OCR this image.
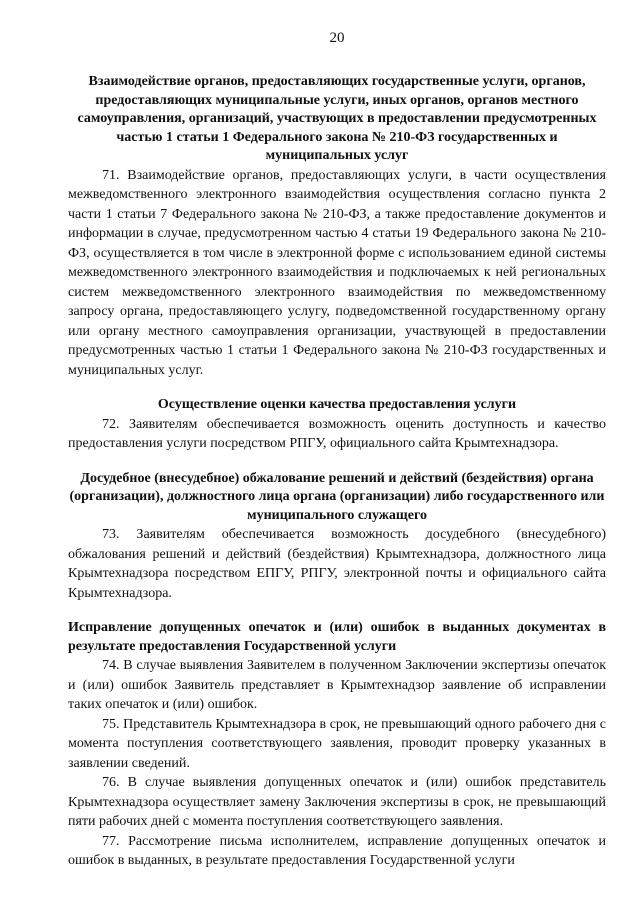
20
Взаимодействие органов, предоставляющих государственные услуги, органов, предоставляющих муниципальные услуги, иных органов, органов местного самоуправления, организаций, участвующих в предоставлении предусмотренных частью 1 статьи 1 Федерального закона № 210-ФЗ государственных и муниципальных услуг

71. Взаимодействие органов, предоставляющих услуги, в части осуществления межведомственного электронного взаимодействия осуществления согласно пункта 2 части 1 статьи 7 Федерального закона № 210-ФЗ, а также предоставление документов и информации в случае, предусмотренном частью 4 статьи 19 Федерального закона № 210-ФЗ, осуществляется в том числе в электронной форме с использованием единой системы межведомственного электронного взаимодействия и подключаемых к ней региональных систем межведомственного электронного взаимодействия по межведомственному запросу органа, предоставляющего услугу, подведомственной государственному органу или органу местного самоуправления организации, участвующей в предоставлении предусмотренных частью 1 статьи 1 Федерального закона № 210-ФЗ государственных и муниципальных услуг.

Осуществление оценки качества предоставления услуги

72. Заявителям обеспечивается возможность оценить доступность и качество предоставления услуги посредством РПГУ, официального сайта Крымтехнадзора.

Досудебное (внесудебное) обжалование решений и действий (бездействия) органа (организации), должностного лица органа (организации) либо государственного или муниципального служащего

73. Заявителям обеспечивается возможность досудебного (внесудебного) обжалования решений и действий (бездействия) Крымтехнадзора, должностного лица Крымтехнадзора посредством ЕПГУ, РПГУ, электронной почты и официального сайта Крымтехнадзора.

Исправление допущенных опечаток и (или) ошибок в выданных документах в результате предоставления Государственной услуги

74. В случае выявления Заявителем в полученном Заключении экспертизы опечаток и (или) ошибок Заявитель представляет в Крымтехнадзор заявление об исправлении таких опечаток и (или) ошибок.

75. Представитель Крымтехнадзора в срок, не превышающий одного рабочего дня с момента поступления соответствующего заявления, проводит проверку указанных в заявлении сведений.

76. В случае выявления допущенных опечаток и (или) ошибок представитель Крымтехнадзора осуществляет замену Заключения экспертизы в срок, не превышающий пяти рабочих дней с момента поступления соответствующего заявления.

77. Рассмотрение письма исполнителем, исправление допущенных опечаток и ошибок в выданных, в результате предоставления Государственной услуги
